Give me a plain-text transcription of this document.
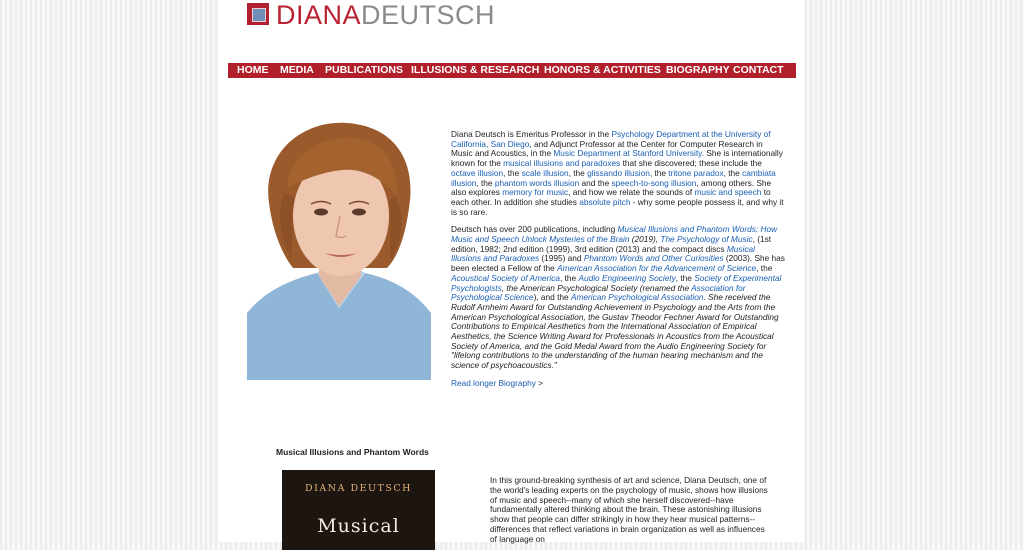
DIANADEUTSCH
HOME MEDIA PUBLICATIONS ILLUSIONS & RESEARCH HONORS & ACTIVITIES BIOGRAPHY CONTACT

Diana Deutsch is Emeritus Professor in the Psychology Department at the University of California, San Diego, and Adjunct Professor at the Center for Computer Research in Music and Acoustics, in the Music Department at Stanford University. She is internationally known for the musical illusions and paradoxes that she discovered; these include the octave illusion, the scale illusion, the glissando illusion, the tritone paradox, the cambiata illusion, the phantom words illusion and the speech-to-song illusion, among others. She also explores memory for music, and how we relate the sounds of music and speech to each other. In addition she studies absolute pitch - why some people possess it, and why it is so rare.

Deutsch has over 200 publications, including Musical Illusions and Phantom Words: How Music and Speech Unlock Mysteries of the Brain (2019), The Psychology of Music, (1st edition, 1982; 2nd edition (1999), 3rd edition (2013) and the compact discs Musical Illusions and Paradoxes (1995) and Phantom Words and Other Curiosities (2003). She has been elected a Fellow of the American Association for the Advancement of Science, the Acoustical Society of America, the Audio Engineering Society, the Society of Experimental Psychologists, the American Psychological Society (renamed the Association for Psychological Science), and the American Psychological Association. She received the Rudolf Arnheim Award for Outstanding Achievement in Psychology and the Arts from the American Psychological Association, the Gustav Theodor Fechner Award for Outstanding Contributions to Empirical Aesthetics from the International Association of Empirical Aesthetics, the Science Writing Award for Professionals in Acoustics from the Acoustical Society of America, and the Gold Medal Award from the Audio Engineering Society for "lifelong contributions to the understanding of the human hearing mechanism and the science of psychoacoustics."

Read longer Biography >
Musical Illusions and Phantom Words
DIANA DEUTSCH
Musical
In this ground-breaking synthesis of art and science, Diana Deutsch, one of the world's leading experts on the psychology of music, shows how illusions of music and speech--many of which she herself discovered--have fundamentally altered thinking about the brain. These astonishing illusions show that people can differ strikingly in how they hear musical patterns--differences that reflect variations in brain organization as well as influences of language on
